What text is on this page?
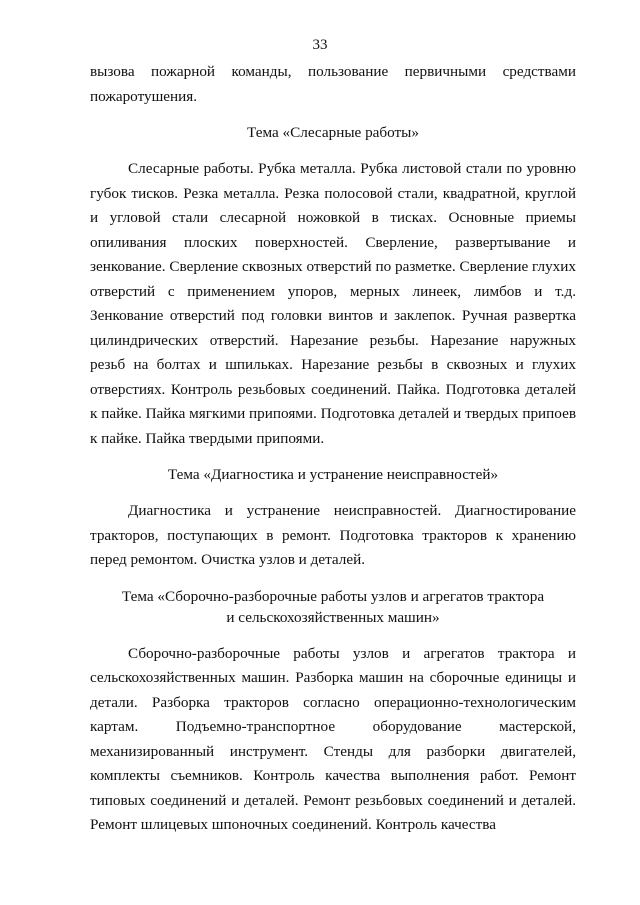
33

вызова пожарной команды, пользование первичными средствами пожаротушения.

Тема «Слесарные работы»

Слесарные работы. Рубка металла. Рубка листовой стали по уровню губок тисков. Резка металла. Резка полосовой стали, квадратной, круглой и угловой стали слесарной ножовкой в тисках. Основные приемы опиливания плоских поверхностей. Сверление, развертывание и зенкование. Сверление сквозных отверстий по разметке. Сверление глухих отверстий с применением упоров, мерных линеек, лимбов и т.д. Зенкование отверстий под головки винтов и заклепок. Ручная развертка цилиндрических отверстий. Нарезание резьбы. Нарезание наружных резьб на болтах и шпильках. Нарезание резьбы в сквозных и глухих отверстиях. Контроль резьбовых соединений. Пайка. Подготовка деталей к пайке. Пайка мягкими припоями. Подготовка деталей и твердых припоев к пайке. Пайка твердыми припоями.

Тема «Диагностика и устранение неисправностей»

Диагностика и устранение неисправностей. Диагностирование тракторов, поступающих в ремонт. Подготовка тракторов к хранению перед ремонтом. Очистка узлов и деталей.

Тема «Сборочно-разборочные работы узлов и агрегатов трактора
и сельскохозяйственных машин»

Сборочно-разборочные работы узлов и агрегатов трактора и сельскохозяйственных машин. Разборка машин на сборочные единицы и детали. Разборка тракторов согласно операционно-технологическим картам. Подъемно-транспортное оборудование мастерской, механизированный инструмент. Стенды для разборки двигателей, комплекты съемников. Контроль качества выполнения работ. Ремонт типовых соединений и деталей. Ремонт резьбовых соединений и деталей. Ремонт шлицевых шпоночных соединений. Контроль качества
